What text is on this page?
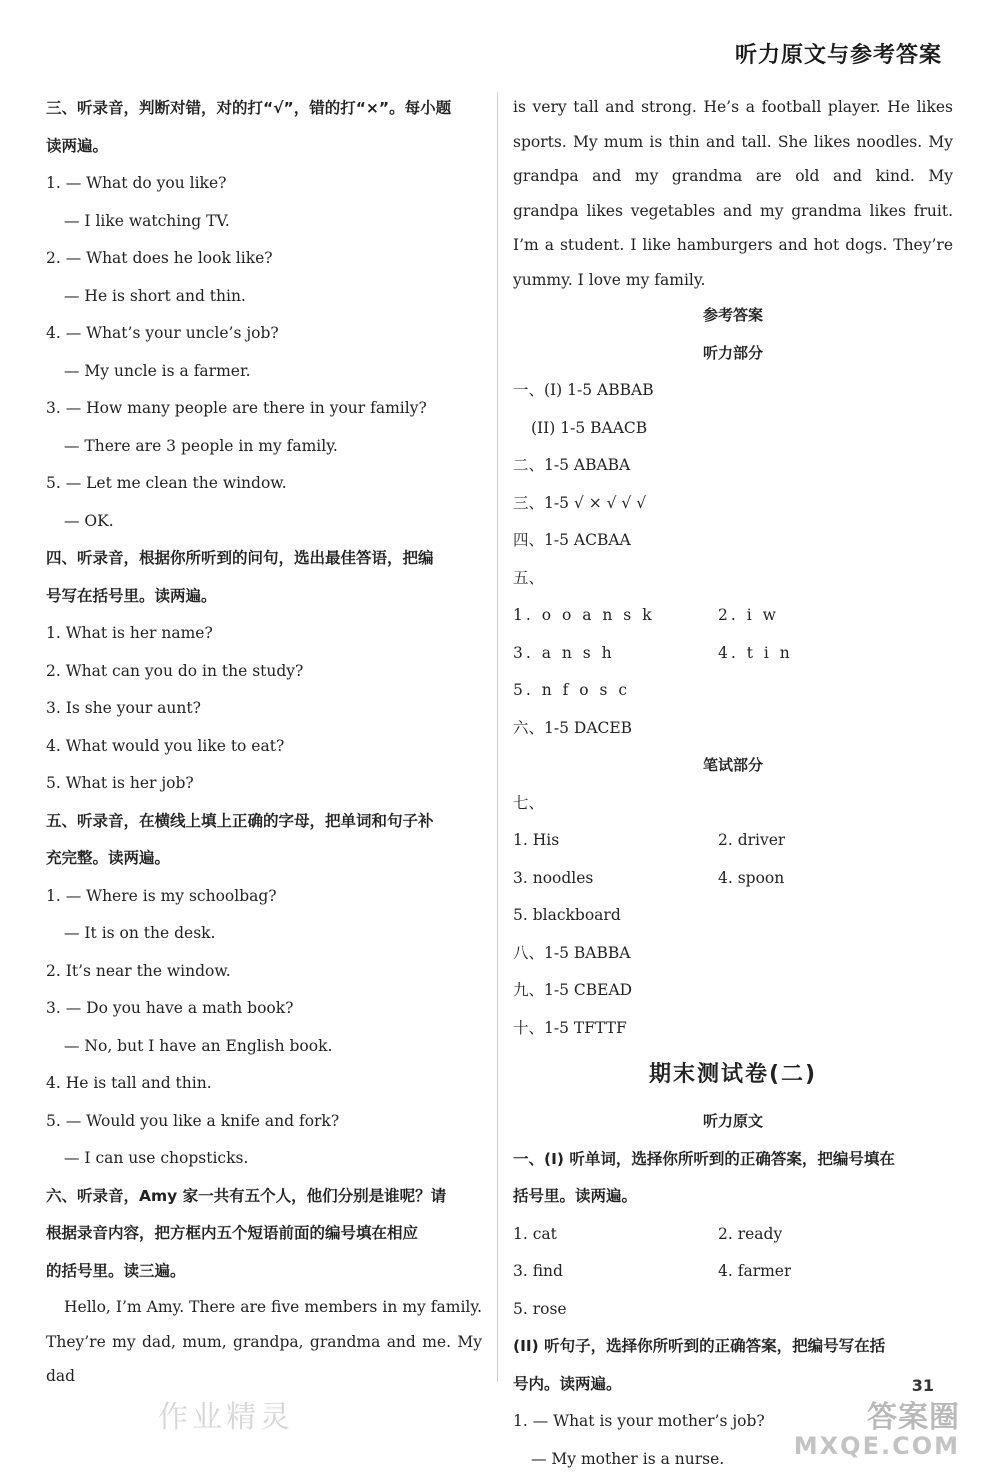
听力原文与参考答案
三、听录音，判断对错，对的打“√”，错的打“×”。每小题
读两遍。
1. — What do you like?
— I like watching TV.
2. — What does he look like?
— He is short and thin.
4. — What’s your uncle’s job?
— My uncle is a farmer.
3. — How many people are there in your family?
— There are 3 people in my family.
5. — Let me clean the window.
— OK.
四、听录音，根据你所听到的问句，选出最佳答语，把编
号写在括号里。读两遍。
1. What is her name?
2. What can you do in the study?
3. Is she your aunt?
4. What would you like to eat?
5. What is her job?
五、听录音，在横线上填上正确的字母，把单词和句子补
充完整。读两遍。
1. — Where is my schoolbag?
— It is on the desk.
2. It’s near the window.
3. — Do you have a math book?
— No, but I have an English book.
4. He is tall and thin.
5. — Would you like a knife and fork?
— I can use chopsticks.
六、听录音，Amy 家一共有五个人，他们分别是谁呢？请
根据录音内容，把方框内五个短语前面的编号填在相应
的括号里。读三遍。
Hello, I’m Amy. There are five members in my family. They’re my dad, mum, grandpa, grandma and me. My dad
is very tall and strong. He’s a football player. He likes sports. My mum is thin and tall. She likes noodles. My grandpa and my grandma are old and kind. My grandpa likes vegetables and my grandma likes fruit. I’m a student. I like hamburgers and hot dogs. They’re yummy. I love my family.
参考答案
听力部分
一、(I) 1-5 ABBAB
(II) 1-5 BAACB
二、1-5 ABABA
三、1-5 √ × √ √ √
四、1-5 ACBAA
五、
1. o o a n s k	2. i w
3. a n s h	4. t i n
5. n f o s c
六、1-5 DACEB
笔试部分
七、
1. His	2. driver
3. noodles	4. spoon
5. blackboard
八、1-5 BABBA
九、1-5 CBEAD
十、1-5 TFTTF
期末测试卷(二)
听力原文
一、(I) 听单词，选择你所听到的正确答案，把编号填在
括号里。读两遍。
1. cat	2. ready
3. find	4. farmer
5. rose
(II) 听句子，选择你所听到的正确答案，把编号写在括
号内。读两遍。
1. — What is your mother’s job?
— My mother is a nurse.
作业精灵
31
答案圈
MXQE.COM
